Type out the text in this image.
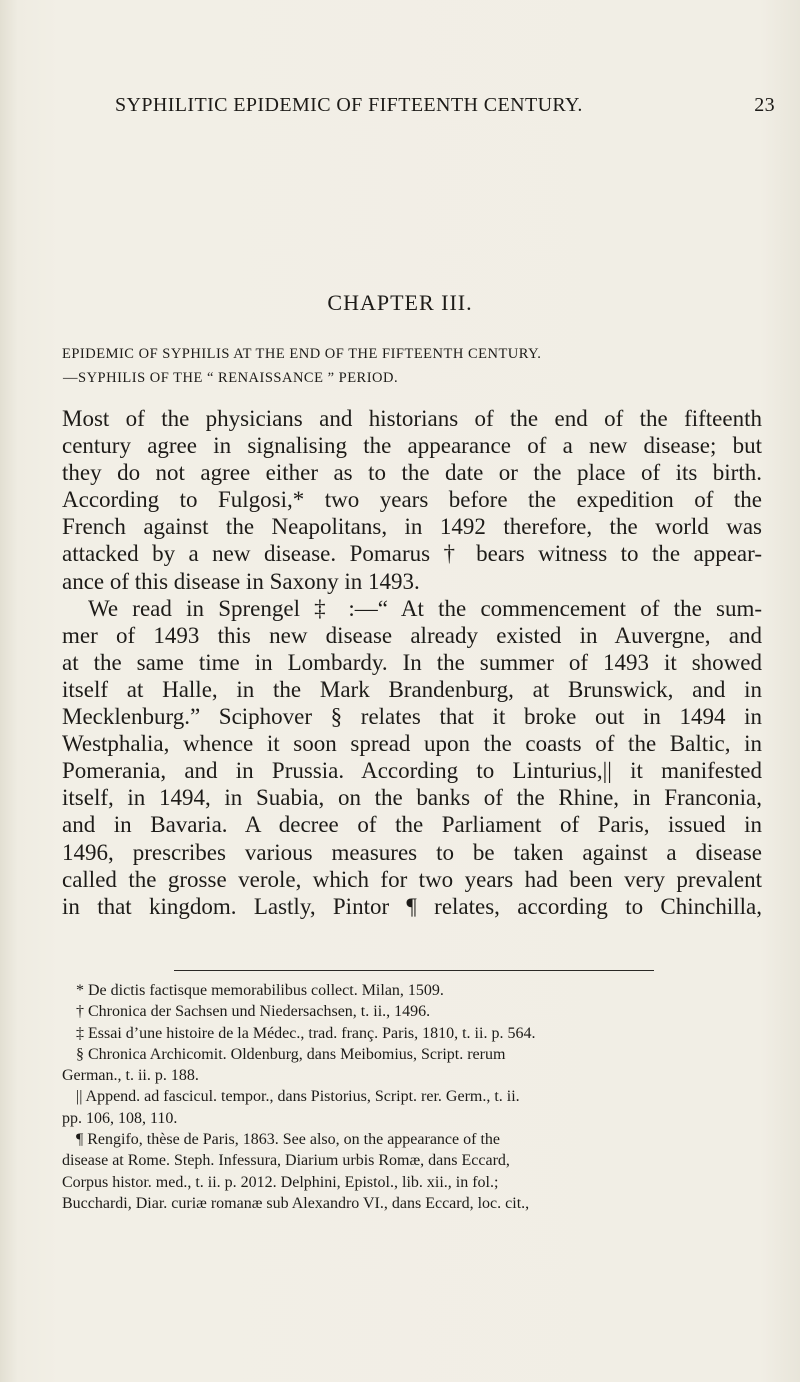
SYPHILITIC EPIDEMIC OF FIFTEENTH CENTURY.	23
CHAPTER III.
EPIDEMIC OF SYPHILIS AT THE END OF THE FIFTEENTH CENTURY.
—SYPHILIS OF THE “ RENAISSANCE ” PERIOD.
Most of the physicians and historians of the end of the fifteenth
century agree in signalising the appearance of a new disease; but
they do not agree either as to the date or the place of its birth.
According to Fulgosi,* two years before the expedition of the
French against the Neapolitans, in 1492 therefore, the world was
attacked by a new disease. Pomarus † bears witness to the appear-
ance of this disease in Saxony in 1493.
We read in Sprengel ‡ :—“ At the commencement of the sum-
mer of 1493 this new disease already existed in Auvergne, and
at the same time in Lombardy. In the summer of 1493 it showed
itself at Halle, in the Mark Brandenburg, at Brunswick, and in
Mecklenburg.” Sciphover § relates that it broke out in 1494 in
Westphalia, whence it soon spread upon the coasts of the Baltic, in
Pomerania, and in Prussia. According to Linturius,|| it manifested
itself, in 1494, in Suabia, on the banks of the Rhine, in Franconia,
and in Bavaria. A decree of the Parliament of Paris, issued in
1496, prescribes various measures to be taken against a disease
called the grosse verole, which for two years had been very prevalent
in that kingdom. Lastly, Pintor ¶ relates, according to Chinchilla,
* De dictis factisque memorabilibus collect. Milan, 1509.
† Chronica der Sachsen und Niedersachsen, t. ii., 1496.
‡ Essai d’une histoire de la Médec., trad. franç. Paris, 1810, t. ii. p. 564.
§ Chronica Archicomit. Oldenburg, dans Meibomius, Script. rerum
German., t. ii. p. 188.
|| Append. ad fascicul. tempor., dans Pistorius, Script. rer. Germ., t. ii.
pp. 106, 108, 110.
¶ Rengifo, thèse de Paris, 1863. See also, on the appearance of the
disease at Rome. Steph. Infessura, Diarium urbis Romæ, dans Eccard,
Corpus histor. med., t. ii. p. 2012. Delphini, Epistol., lib. xii., in fol.;
Bucchardi, Diar. curiæ romanæ sub Alexandro VI., dans Eccard, loc. cit.,
